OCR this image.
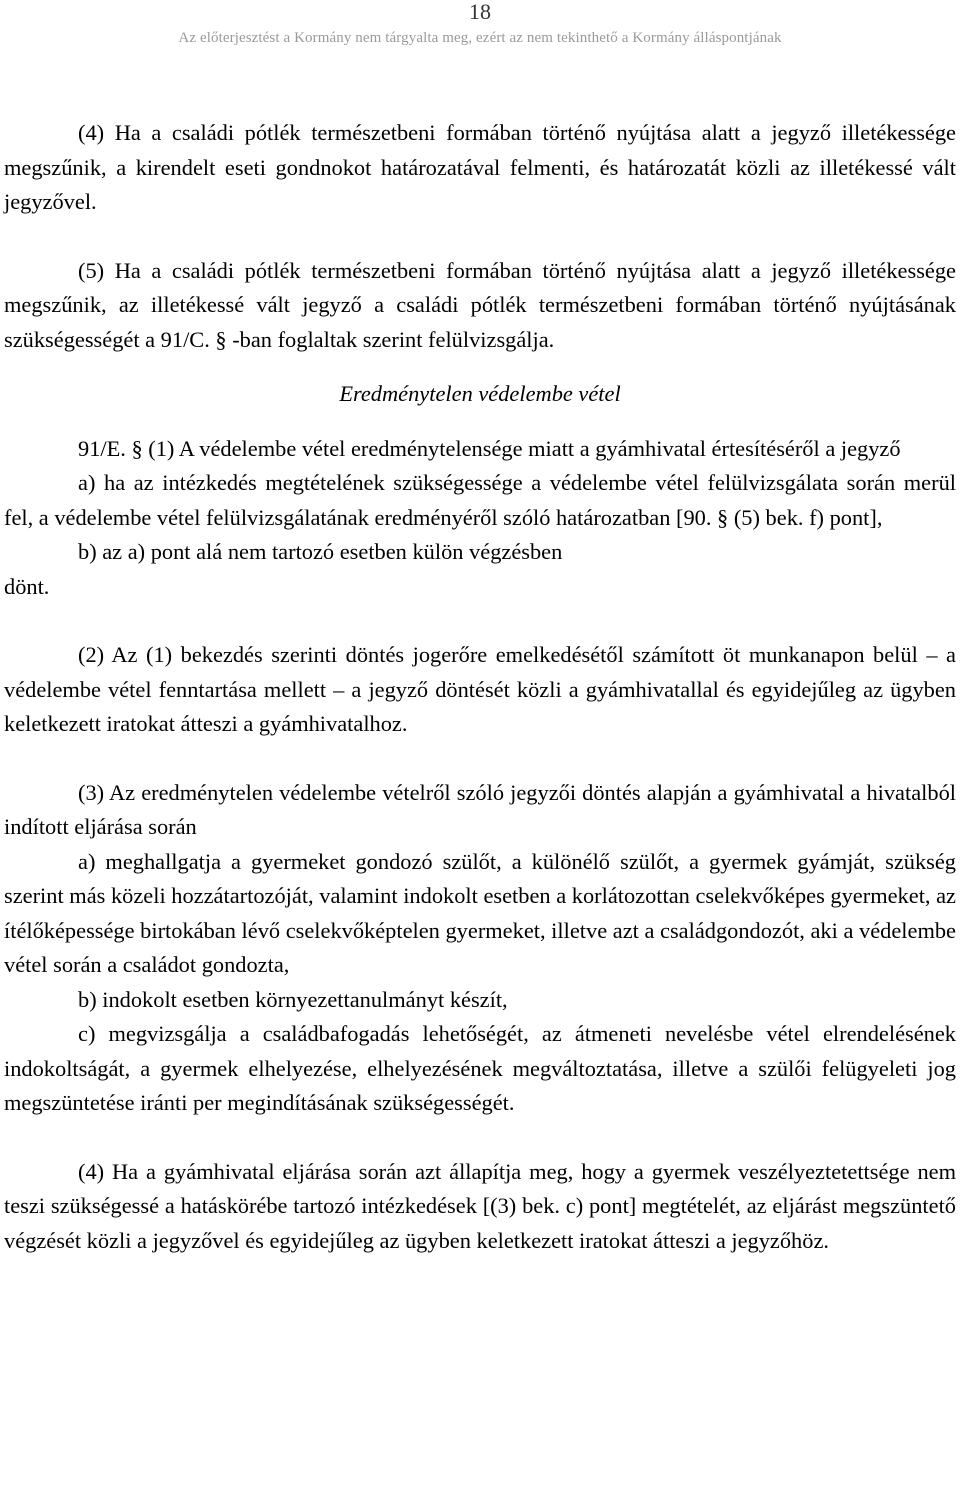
18
Az előterjesztést a Kormány nem tárgyalta meg, ezért az nem tekinthető a Kormány álláspontjának

(4) Ha a családi pótlék természetbeni formában történő nyújtása alatt a jegyző illetékessége megszűnik, a kirendelt eseti gondnokot határozatával felmenti, és határozatát közli az illetékessé vált jegyzővel.

(5) Ha a családi pótlék természetbeni formában történő nyújtása alatt a jegyző illetékessége megszűnik, az illetékessé vált jegyző a családi pótlék természetbeni formában történő nyújtásának szükségességét a 91/C. § -ban foglaltak szerint felülvizsgálja.

Eredménytelen védelembe vétel

91/E. § (1) A védelembe vétel eredménytelensége miatt a gyámhivatal értesítéséről a jegyző

a) ha az intézkedés megtételének szükségessége a védelembe vétel felülvizsgálata során merül fel, a védelembe vétel felülvizsgálatának eredményéről szóló határozatban [90. § (5) bek. f) pont],

b) az a) pont alá nem tartozó esetben külön végzésben

dönt.

(2) Az (1) bekezdés szerinti döntés jogerőre emelkedésétől számított öt munkanapon belül – a védelembe vétel fenntartása mellett – a jegyző döntését közli a gyámhivatallal és egyidejűleg az ügyben keletkezett iratokat átteszi a gyámhivatalhoz.

(3) Az eredménytelen védelembe vételről szóló jegyzői döntés alapján a gyámhivatal a hivatalból indított eljárása során

a) meghallgatja a gyermeket gondozó szülőt, a különélő szülőt, a gyermek gyámját, szükség szerint más közeli hozzátartozóját, valamint indokolt esetben a korlátozottan cselekvőképes gyermeket, az ítélőképessége birtokában lévő cselekvőképtelen gyermeket, illetve azt a családgondozót, aki a védelembe vétel során a családot gondozta,

b) indokolt esetben környezettanulmányt készít,

c) megvizsgálja a családbafogadás lehetőségét, az átmeneti nevelésbe vétel elrendelésének indokoltságát, a gyermek elhelyezése, elhelyezésének megváltoztatása, illetve a szülői felügyeleti jog megszüntetése iránti per megindításának szükségességét.

(4) Ha a gyámhivatal eljárása során azt állapítja meg, hogy a gyermek veszélyeztetettsége nem teszi szükségessé a hatáskörébe tartozó intézkedések [(3) bek. c) pont] megtételét, az eljárást megszüntető végzését közli a jegyzővel és egyidejűleg az ügyben keletkezett iratokat átteszi a jegyzőhöz.
